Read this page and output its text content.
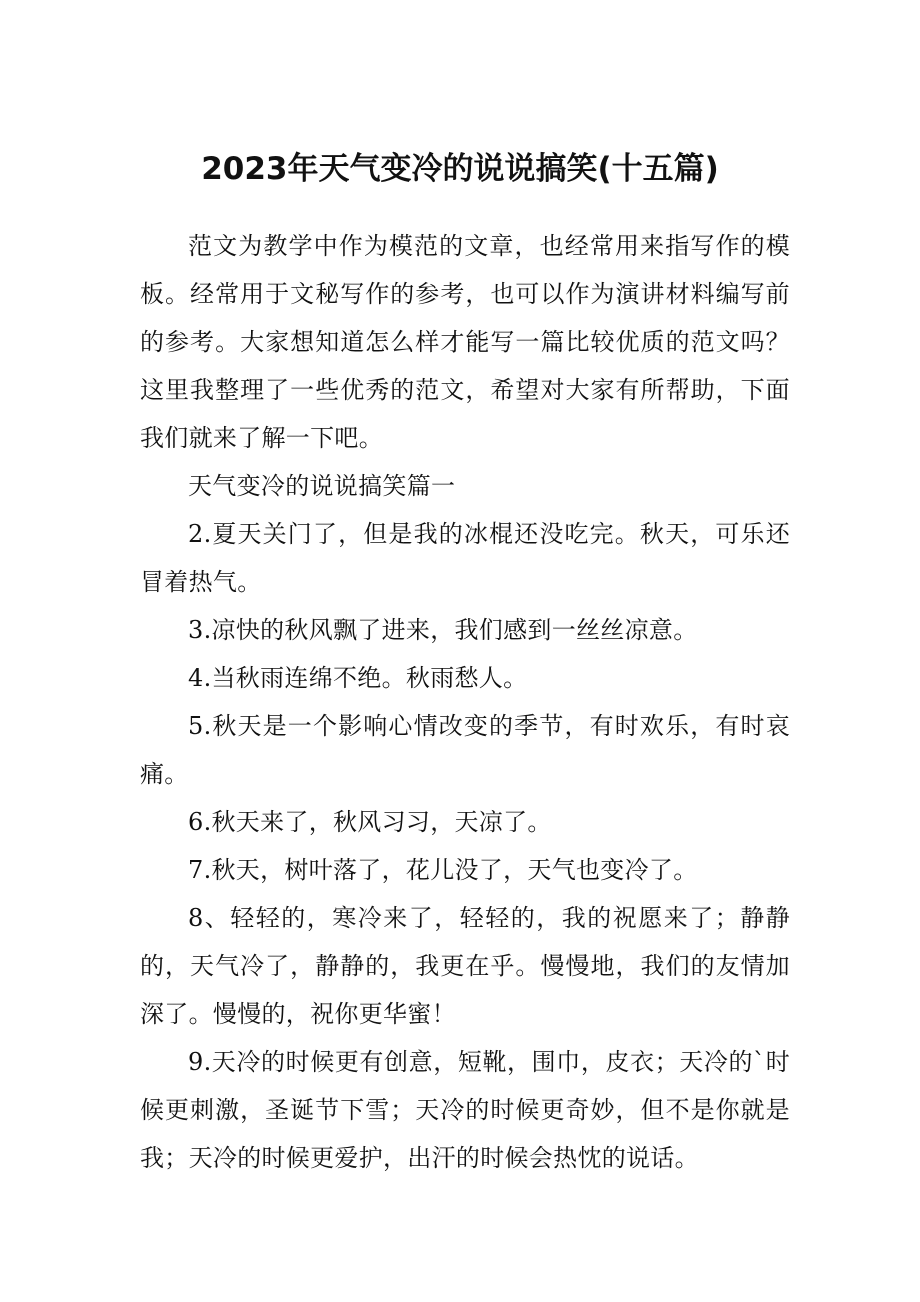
2023年天气变冷的说说搞笑(十五篇)

范文为教学中作为模范的文章，也经常用来指写作的模板。经常用于文秘写作的参考，也可以作为演讲材料编写前的参考。大家想知道怎么样才能写一篇比较优质的范文吗？这里我整理了一些优秀的范文，希望对大家有所帮助，下面我们就来了解一下吧。

天气变冷的说说搞笑篇一

2.夏天关门了，但是我的冰棍还没吃完。秋天，可乐还冒着热气。

3.凉快的秋风飘了进来，我们感到一丝丝凉意。

4.当秋雨连绵不绝。秋雨愁人。

5.秋天是一个影响心情改变的季节，有时欢乐，有时哀痛。

6.秋天来了，秋风习习，天凉了。

7.秋天，树叶落了，花儿没了，天气也变冷了。

8、轻轻的，寒冷来了，轻轻的，我的祝愿来了；静静的，天气冷了，静静的，我更在乎。慢慢地，我们的友情加深了。慢慢的，祝你更华蜜！

9.天冷的时候更有创意，短靴，围巾，皮衣；天冷的`时候更刺激，圣诞节下雪；天冷的时候更奇妙，但不是你就是我；天冷的时候更爱护，出汗的时候会热忱的说话。
